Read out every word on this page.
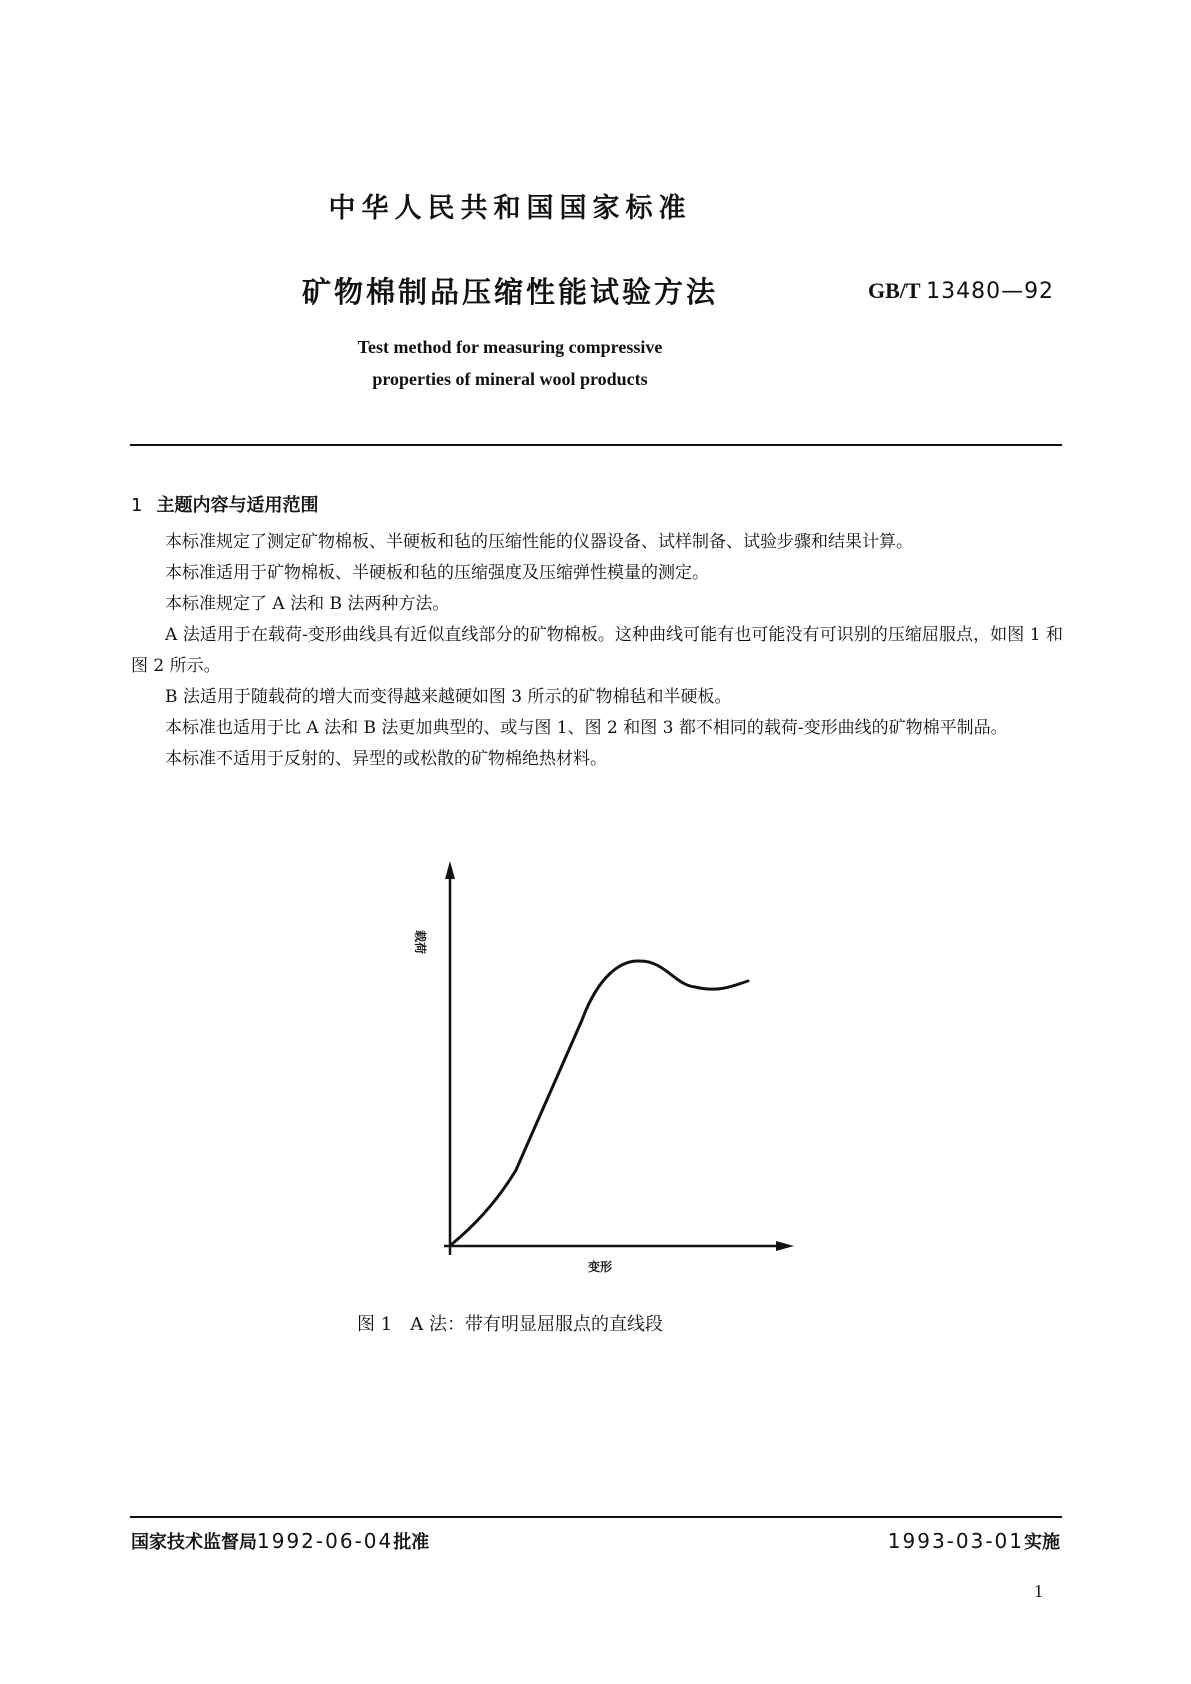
中华人民共和国国家标准
矿物棉制品压缩性能试验方法	GB/T 13480—92
Test method for measuring compressive
properties of mineral wool products
1 主题内容与适用范围

本标准规定了测定矿物棉板、半硬板和毡的压缩性能的仪器设备、试样制备、试验步骤和结果计算。

本标准适用于矿物棉板、半硬板和毡的压缩强度及压缩弹性模量的测定。

本标准规定了 A 法和 B 法两种方法。

A 法适用于在载荷-变形曲线具有近似直线部分的矿物棉板。这种曲线可能有也可能没有可识别的压缩屈服点，如图 1 和图 2 所示。

B 法适用于随载荷的增大而变得越来越硬如图 3 所示的矿物棉毡和半硬板。

本标准也适用于比 A 法和 B 法更加典型的、或与图 1、图 2 和图 3 都不相同的载荷-变形曲线的矿物棉平制品。

本标准不适用于反射的、异型的或松散的矿物棉绝热材料。

载荷
变形
图 1　A 法：带有明显屈服点的直线段
国家技术监督局1992-06-04批准	1993-03-01实施
1
